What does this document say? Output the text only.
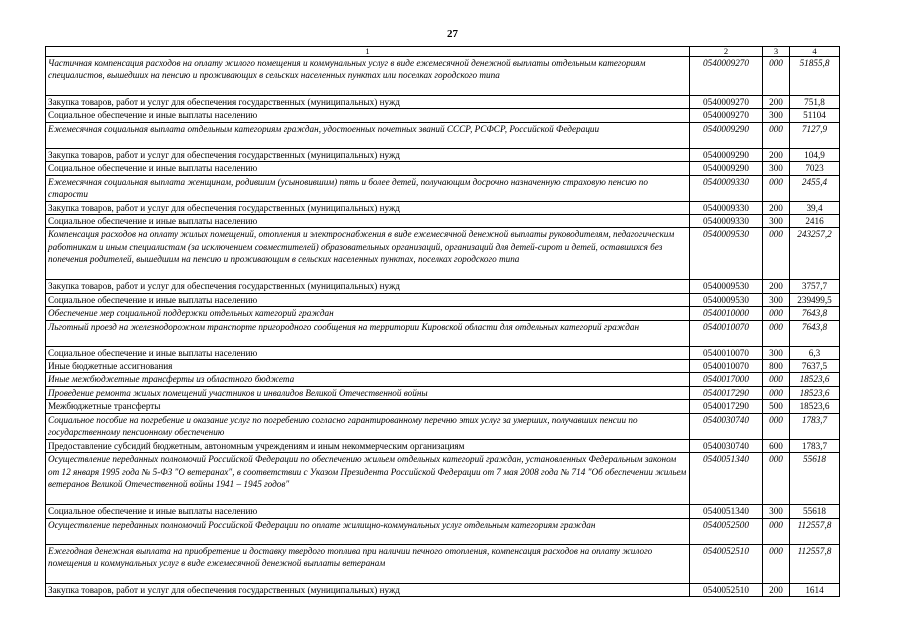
27
1	2	3	4
Частичная компенсация расходов на оплату жилого помещения и коммунальных услуг в виде ежемесячной денежной выплаты отдельным категориям специалистов, вышедших на пенсию и проживающих в сельских населенных пунктах или поселках городского типа	0540009270	000	51855,8
Закупка товаров, работ и услуг для обеспечения государственных (муниципальных) нужд	0540009270	200	751,8
Социальное обеспечение и иные выплаты населению	0540009270	300	51104
Ежемесячная социальная выплата отдельным категориям граждан, удостоенных почетных званий СССР, РСФСР, Российской Федерации	0540009290	000	7127,9
Закупка товаров, работ и услуг для обеспечения государственных (муниципальных) нужд	0540009290	200	104,9
Социальное обеспечение и иные выплаты населению	0540009290	300	7023
Ежемесячная социальная выплата женщинам, родившим (усыновившим) пять и более детей, получающим досрочно назначенную страховую пенсию по старости	0540009330	000	2455,4
Закупка товаров, работ и услуг для обеспечения государственных (муниципальных) нужд	0540009330	200	39,4
Социальное обеспечение и иные выплаты населению	0540009330	300	2416
Компенсация расходов на оплату жилых помещений, отопления и электроснабжения в виде ежемесячной денежной выплаты руководителям, педагогическим работникам и иным специалистам (за исключением совместителей) образовательных организаций, организаций для детей-сирот и детей, оставшихся без попечения родителей, вышедшим на пенсию и проживающим в сельских населенных пунктах, поселках городского типа	0540009530	000	243257,2
Закупка товаров, работ и услуг для обеспечения государственных (муниципальных) нужд	0540009530	200	3757,7
Социальное обеспечение и иные выплаты населению	0540009530	300	239499,5
Обеспечение мер социальной поддержки отдельных категорий граждан	0540010000	000	7643,8
Льготный проезд на железнодорожном транспорте пригородного сообщения на территории Кировской области для отдельных категорий граждан	0540010070	000	7643,8
Социальное обеспечение и иные выплаты населению	0540010070	300	6,3
Иные бюджетные ассигнования	0540010070	800	7637,5
Иные межбюджетные трансферты из областного бюджета	0540017000	000	18523,6
Проведение ремонта жилых помещений участников и инвалидов Великой Отечественной войны	0540017290	000	18523,6
Межбюджетные трансферты	0540017290	500	18523,6
Социальное пособие на погребение и оказание услуг по погребению согласно гарантированному перечню этих услуг за умерших, получавших пенсии по государственному пенсионному обеспечению	0540030740	000	1783,7
Предоставление субсидий бюджетным, автономным учреждениям и иным некоммерческим организациям	0540030740	600	1783,7
Осуществление переданных полномочий Российской Федерации по обеспечению жильем отдельных категорий граждан, установленных Федеральным законом от 12 января 1995 года № 5-ФЗ "О ветеранах", в соответствии с Указом Президента Российской Федерации от 7 мая 2008 года № 714 "Об обеспечении жильем ветеранов Великой Отечественной войны 1941 – 1945 годов"	0540051340	000	55618
Социальное обеспечение и иные выплаты населению	0540051340	300	55618
Осуществление переданных полномочий Российской Федерации по оплате жилищно-коммунальных услуг отдельным категориям граждан	0540052500	000	112557,8
Ежегодная денежная выплата на приобретение и доставку твердого топлива при наличии печного отопления, компенсация расходов на оплату жилого помещения и коммунальных услуг в виде ежемесячной денежной выплаты ветеранам	0540052510	000	112557,8
Закупка товаров, работ и услуг для обеспечения государственных (муниципальных) нужд	0540052510	200	1614
